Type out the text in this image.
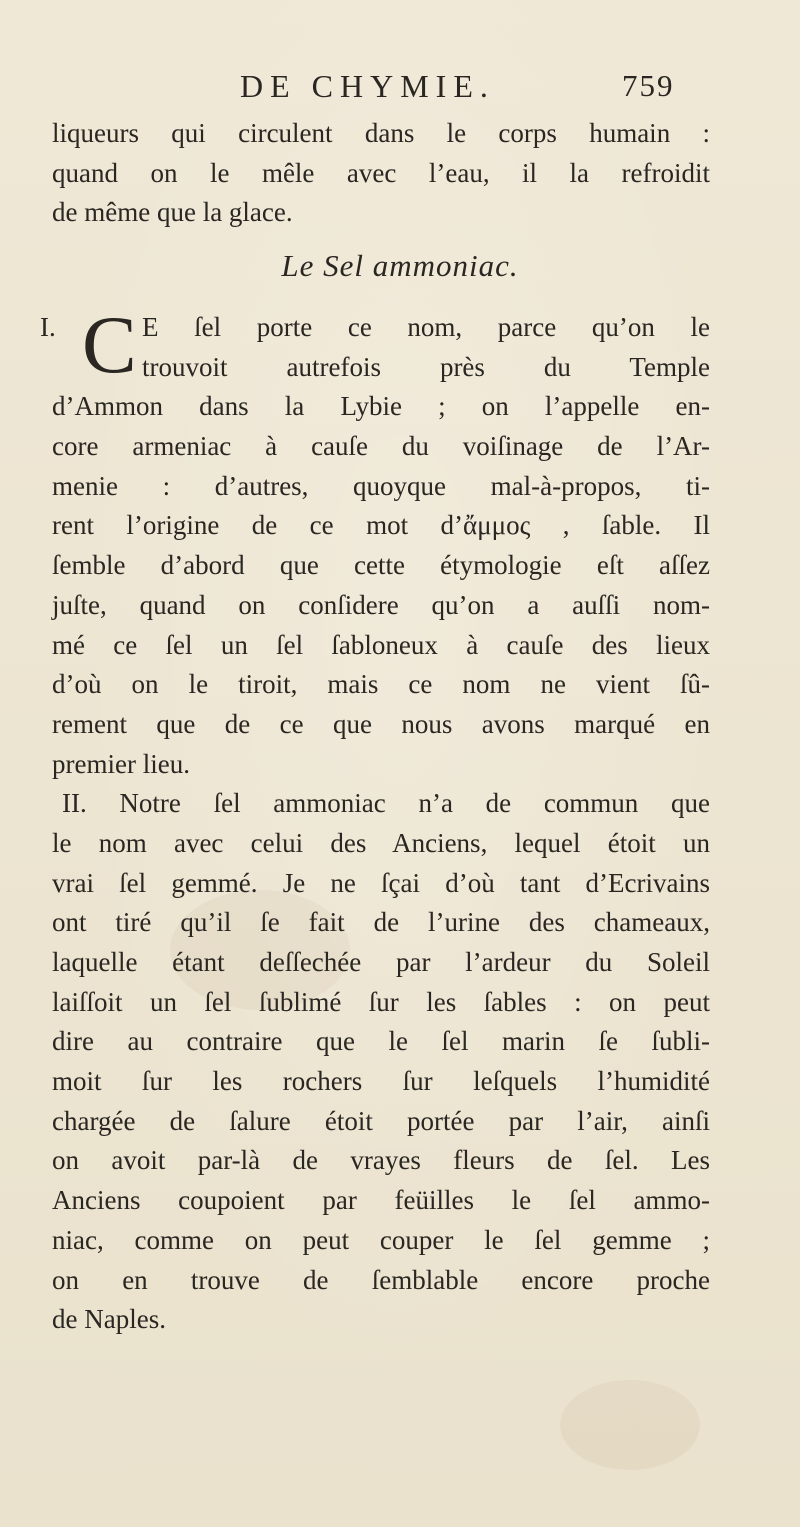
DE CHYMIE.	759
liqueurs qui circulent dans le corps humain :
quand on le mêle avec l’eau, il la refroidit
de même que la glace.
Le Sel ammoniac.
C
I.	E ſel porte ce nom, parce qu’on le
trouvoit autrefois près du Temple
d’Ammon dans la Lybie ; on l’appelle en-
core armeniac à cauſe du voiſinage de l’Ar-
menie : d’autres, quoyque mal-à-propos, ti-
rent l’origine de ce mot d’ἄμμος , ſable. Il
ſemble d’abord que cette étymologie eſt aſſez
juſte, quand on conſidere qu’on a auſſi nom-
mé ce ſel un ſel ſabloneux à cauſe des lieux
d’où on le tiroit, mais ce nom ne vient ſû-
rement que de ce que nous avons marqué en
premier lieu.
II. Notre ſel ammoniac n’a de commun que
le nom avec celui des Anciens, lequel étoit un
vrai ſel gemmé. Je ne ſçai d’où tant d’Ecrivains
ont tiré qu’il ſe fait de l’urine des chameaux,
laquelle étant deſſechée par l’ardeur du Soleil
laiſſoit un ſel ſublimé ſur les ſables : on peut
dire au contraire que le ſel marin ſe ſubli-
moit ſur les rochers ſur leſquels l’humidité
chargée de ſalure étoit portée par l’air, ainſi
on avoit par-là de vrayes fleurs de ſel. Les
Anciens coupoient par feüilles le ſel ammo-
niac, comme on peut couper le ſel gemme ;
on en trouve de ſemblable encore proche
de Naples.
